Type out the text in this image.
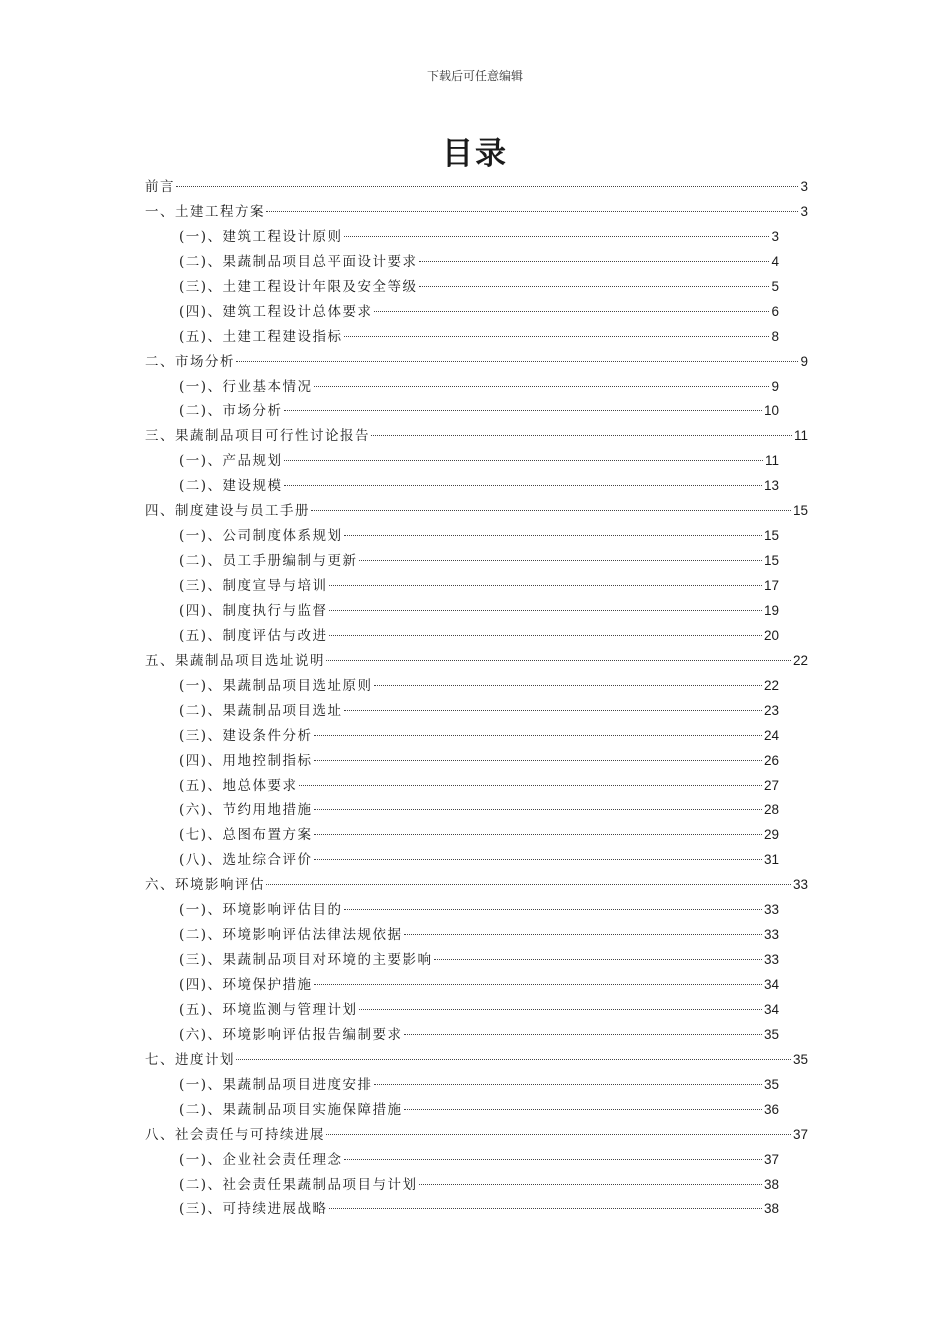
下载后可任意编辑
目录
前言	3
一、土建工程方案	3
(一)、建筑工程设计原则	3
(二)、果蔬制品项目总平面设计要求	4
(三)、土建工程设计年限及安全等级	5
(四)、建筑工程设计总体要求	6
(五)、土建工程建设指标	8
二、市场分析	9
(一)、行业基本情况	9
(二)、市场分析	10
三、果蔬制品项目可行性讨论报告	11
(一)、产品规划	11
(二)、建设规模	13
四、制度建设与员工手册	15
(一)、公司制度体系规划	15
(二)、员工手册编制与更新	15
(三)、制度宣导与培训	17
(四)、制度执行与监督	19
(五)、制度评估与改进	20
五、果蔬制品项目选址说明	22
(一)、果蔬制品项目选址原则	22
(二)、果蔬制品项目选址	23
(三)、建设条件分析	24
(四)、用地控制指标	26
(五)、地总体要求	27
(六)、节约用地措施	28
(七)、总图布置方案	29
(八)、选址综合评价	31
六、环境影响评估	33
(一)、环境影响评估目的	33
(二)、环境影响评估法律法规依据	33
(三)、果蔬制品项目对环境的主要影响	33
(四)、环境保护措施	34
(五)、环境监测与管理计划	34
(六)、环境影响评估报告编制要求	35
七、进度计划	35
(一)、果蔬制品项目进度安排	35
(二)、果蔬制品项目实施保障措施	36
八、社会责任与可持续进展	37
(一)、企业社会责任理念	37
(二)、社会责任果蔬制品项目与计划	38
(三)、可持续进展战略	38
